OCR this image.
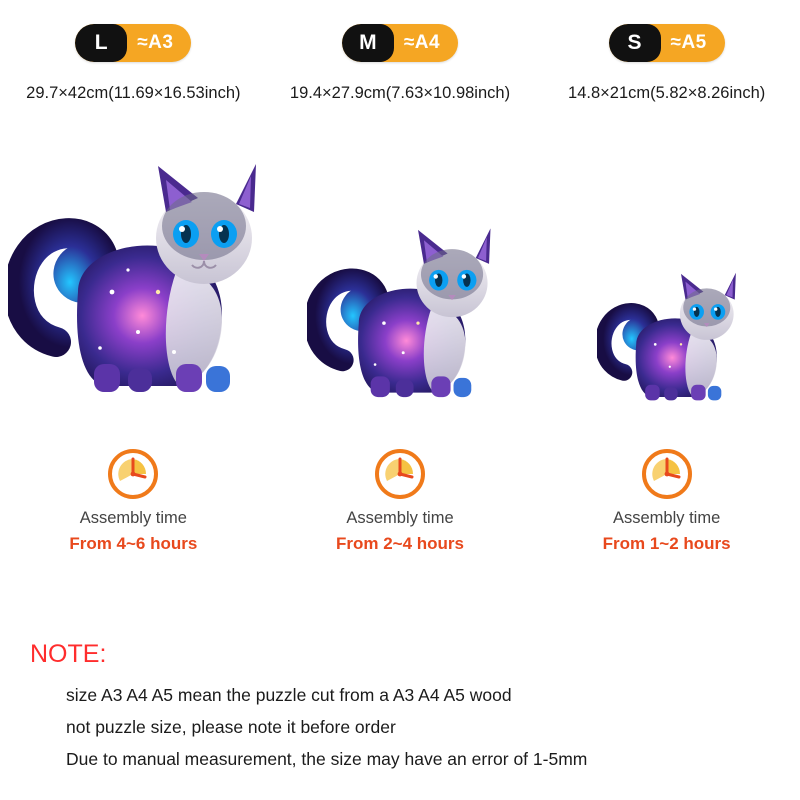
L	≈A3	M	≈A4	S	≈A5
29.7×42cm(11.69×16.53inch)	19.4×27.9cm(7.63×10.98inch)	14.8×21cm(5.82×8.26inch)
Assembly time
From 4~6 hours
Assembly time
From 2~4 hours
Assembly time
From 1~2 hours
NOTE:
size A3 A4 A5 mean the puzzle cut from a A3 A4 A5 wood
not puzzle size, please note it before order
Due to manual measurement, the size may have an error of 1-5mm
